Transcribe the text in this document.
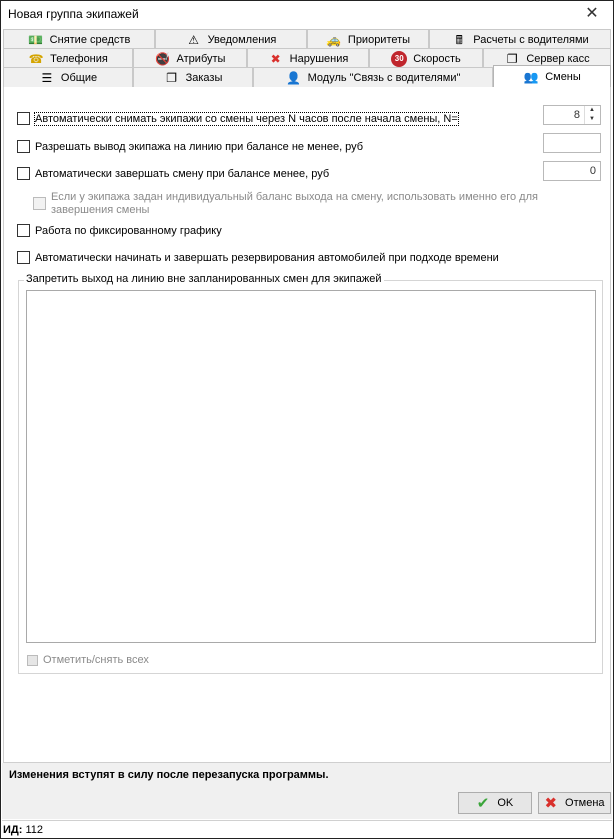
Новая группа экипажей	✕
💵 Снятие средств	⚠ Уведомления	🚕 Приоритеты	🖩 Расчеты с водителями
☎ Телефония	🚭 Атрибуты	✖ Нарушения	30 Скорость	❐ Сервер касс
☰ Общие	❐ Заказы	👤 Модуль "Связь с водителями"	👥 Смены
Автоматически снимать экипажи со смены через N часов после начала смены, N=	8	▲
▼
Разрешать вывод экипажа на линию при балансе не менее, руб
Автоматически завершать смену при балансе менее, руб	0
Если у экипажа задан индивидуальный баланс выхода на смену, использовать именно его для завершения смены
Работа по фиксированному графику
Автоматически начинать и завершать резервирования автомобилей при подходе времени
Запретить выход на линию вне запланированных смен для экипажей
Отметить/снять всех
Изменения вступят в силу после перезапуска программы.
✔ OK ✖ Отмена
ИД: 112
